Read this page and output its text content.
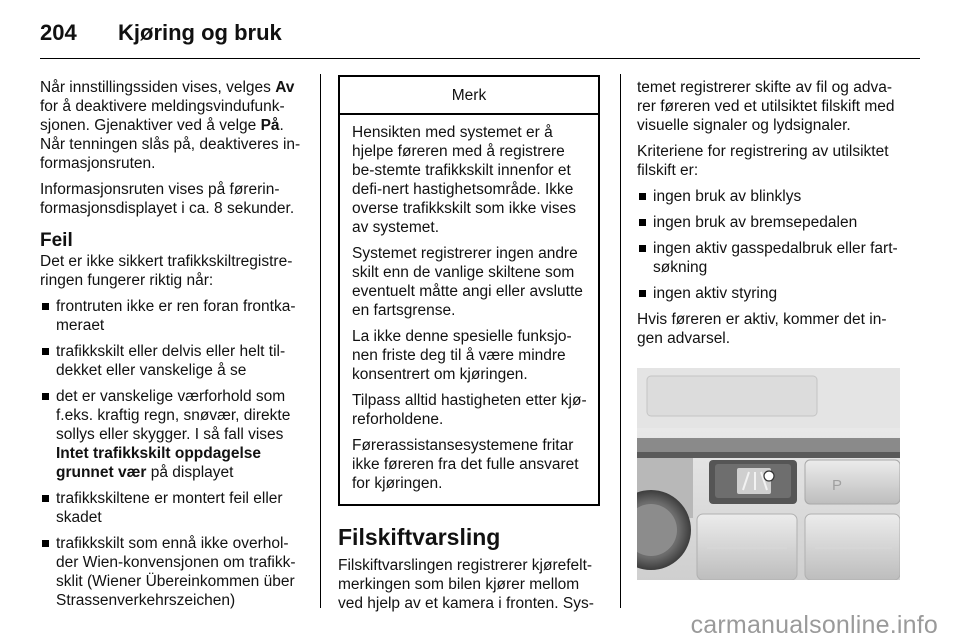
204 Kjøring og bruk

Når innstillingssiden vises, velges Av for å deaktivere meldingsvindufunk-sjonen. Gjenaktiver ved å velge På. Når tenningen slås på, deaktiveres in-formasjonsruten.

Informasjonsruten vises på førerin-formasjonsdisplayet i ca. 8 sekunder.

Feil

Det er ikke sikkert trafikkskiltregistre-ringen fungerer riktig når:

frontruten ikke er ren foran frontka-meraet
trafikkskilt eller delvis eller helt til-dekket eller vanskelige å se
det er vanskelige værforhold som f.eks. kraftig regn, snøvær, direkte sollys eller skygger. I så fall vises Intet trafikkskilt oppdagelse grunnet vær på displayet
trafikkskiltene er montert feil eller skadet
trafikkskilt som ennå ikke overhol-der Wien-konvensjonen om trafikk-sklit (Wiener Übereinkommen über Strassenverkehrszeichen)
Merk

Hensikten med systemet er å hjelpe føreren med å registrere be-stemte trafikkskilt innenfor et defi-nert hastighetsområde. Ikke overse trafikkskilt som ikke vises av systemet.

Systemet registrerer ingen andre skilt enn de vanlige skiltene som eventuelt måtte angi eller avslutte en fartsgrense.

La ikke denne spesielle funksjo-nen friste deg til å være mindre konsentrert om kjøringen.

Tilpass alltid hastigheten etter kjø-reforholdene.

Førerassistansesystemene fritar ikke føreren fra det fulle ansvaret for kjøringen.

Filskiftvarsling

Filskiftvarslingen registrerer kjørefelt-merkingen som bilen kjører mellom ved hjelp av et kamera i fronten. Sys-

temet registrerer skifte av fil og adva-rer føreren ved et utilsiktet filskift med visuelle signaler og lydsignaler.

Kriteriene for registrering av utilsiktet filskift er:

ingen bruk av blinklys
ingen bruk av bremsepedalen
ingen aktiv gasspedalbruk eller fart-søkning
ingen aktiv styring

Hvis føreren er aktiv, kommer det in-gen advarsel.

P
carmanualsonline.info
